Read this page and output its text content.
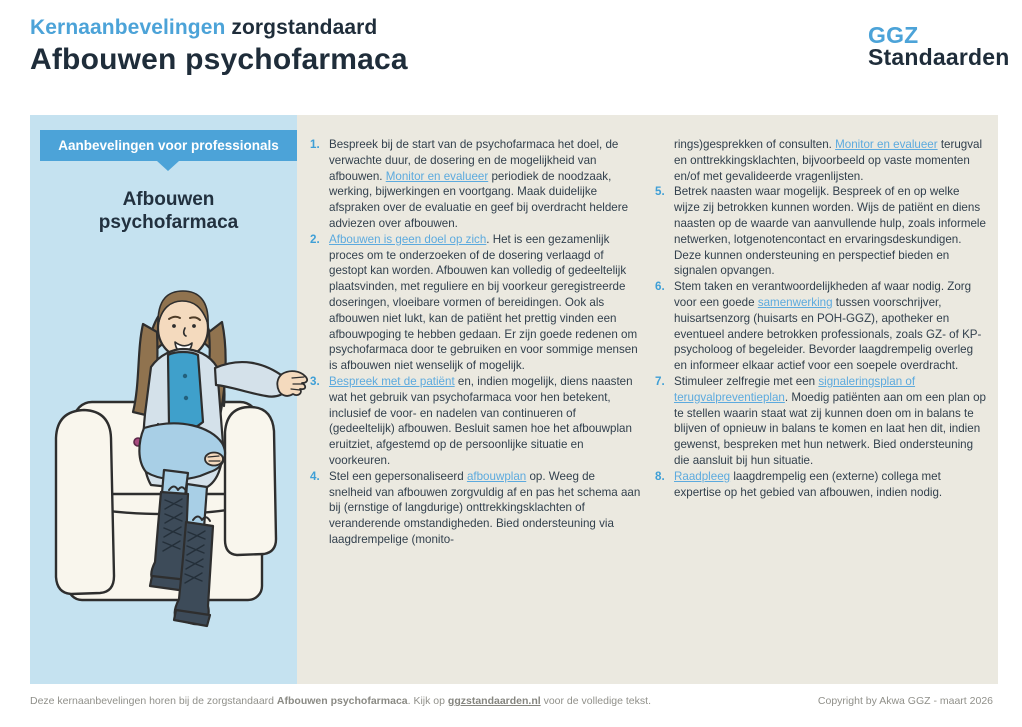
Kernaanbevelingen zorgstandaard
Afbouwen psychofarmaca
GGZ
Standaarden
Aanbevelingen voor professionals
Afbouwen
psychofarmaca
1. Bespreek bij de start van de psychofarmaca het doel, de verwachte duur, de dosering en de mogelijkheid van afbouwen. Monitor en evalueer periodiek de noodzaak, werking, bijwerkingen en voortgang. Maak duidelijke afspraken over de evaluatie en geef bij overdracht heldere adviezen over afbouwen.
2. Afbouwen is geen doel op zich. Het is een gezamenlijk proces om te onderzoeken of de dosering verlaagd of gestopt kan worden. Afbouwen kan volledig of gedeeltelijk plaatsvinden, met reguliere en bij voorkeur geregistreerde doseringen, vloeibare vormen of bereidingen. Ook als afbouwen niet lukt, kan de patiënt het prettig vinden een afbouwpoging te hebben gedaan. Er zijn goede redenen om psychofarmaca door te gebruiken en voor sommige mensen is afbouwen niet wenselijk of mogelijk.
3. Bespreek met de patiënt en, indien mogelijk, diens naasten wat het gebruik van psychofarmaca voor hen betekent, inclusief de voor- en nadelen van continueren of (gedeeltelijk) afbouwen. Besluit samen hoe het afbouwplan eruitziet, afgestemd op de persoonlijke situatie en voorkeuren.
4. Stel een gepersonaliseerd afbouwplan op. Weeg de snelheid van afbouwen zorgvuldig af en pas het schema aan bij (ernstige of langdurige) onttrekkingsklachten of veranderende omstandigheden. Bied ondersteuning via laagdrempelige (monito-
rings)gesprekken of consulten. Monitor en evalueer terugval en onttrekkingsklachten, bijvoorbeeld op vaste momenten en/of met gevalideerde vragenlijsten.
5. Betrek naasten waar mogelijk. Bespreek of en op welke wijze zij betrokken kunnen worden. Wijs de patiënt en diens naasten op de waarde van aanvullende hulp, zoals informele netwerken, lotgenotencontact en ervaringsdeskundigen. Deze kunnen ondersteuning en perspectief bieden en signalen opvangen.
6. Stem taken en verantwoordelijkheden af waar nodig. Zorg voor een goede samenwerking tussen voorschrijver, huisartsenzorg (huisarts en POH-GGZ), apotheker en eventueel andere betrokken professionals, zoals GZ- of KP-psycholoog of begeleider. Bevorder laagdrempelig overleg en informeer elkaar actief voor een soepele overdracht.
7. Stimuleer zelfregie met een signaleringsplan of terugvalpreventieplan. Moedig patiënten aan om een plan op te stellen waarin staat wat zij kunnen doen om in balans te blijven of opnieuw in balans te komen en laat hen dit, indien gewenst, bespreken met hun netwerk. Bied ondersteuning die aansluit bij hun situatie.
8. Raadpleeg laagdrempelig een (externe) collega met expertise op het gebied van afbouwen, indien nodig.
Deze kernaanbevelingen horen bij de zorgstandaard Afbouwen psychofarmaca. Kijk op ggzstandaarden.nl voor de volledige tekst.	Copyright by Akwa GGZ - maart 2026
